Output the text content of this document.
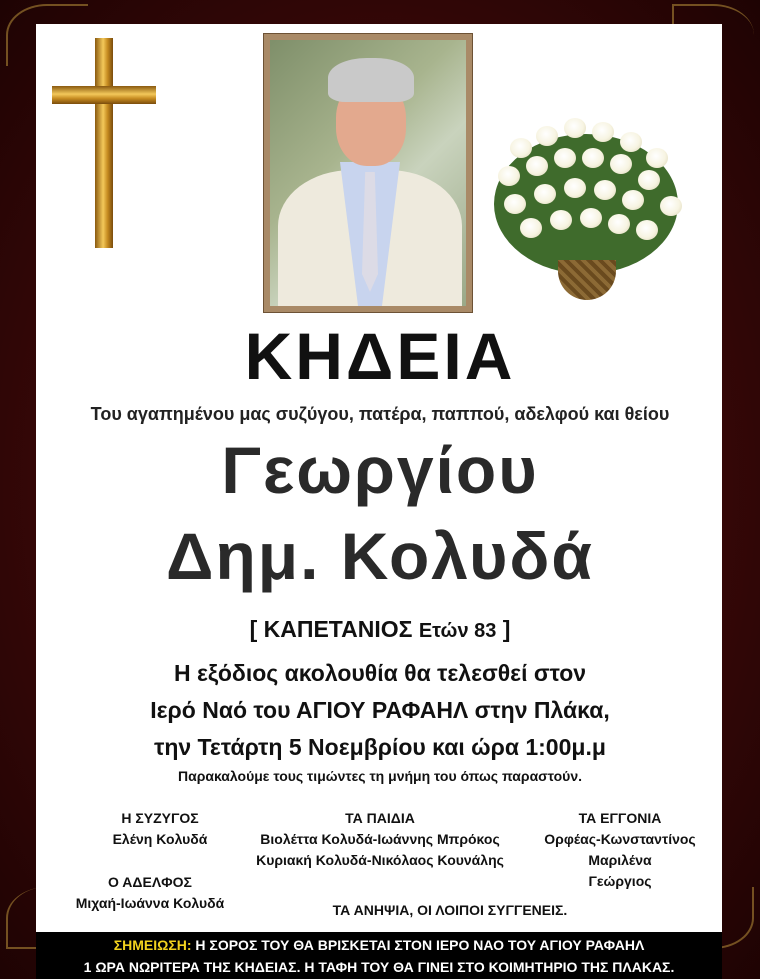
ΚΗΔΕΙΑ
Του αγαπημένου μας συζύγου, πατέρα, παππού, αδελφού και θείου
Γεωργίου
Δημ. Κολυδά
[ ΚΑΠΕΤΑΝΙΟΣ Ετών 83 ]
Η εξόδιος ακολουθία θα τελεσθεί στον
Ιερό Ναό του ΑΓΙΟΥ ΡΑΦΑΗΛ στην Πλάκα,
την Τετάρτη 5 Νοεμβρίου και ώρα 1:00μ.μ
Παρακαλούμε τους τιμώντες τη μνήμη του όπως παραστούν.
Η ΣΥΖΥΓΟΣ
Ελένη Κολυδά
ΤΑ ΠΑΙΔΙΑ
Βιολέττα Κολυδά-Ιωάννης Μπρόκος
Κυριακή Κολυδά-Νικόλαος Κουνάλης
ΤΑ ΕΓΓΟΝΙΑ
Ορφέας-Κωνσταντίνος
Μαριλένα
Γεώργιος
Ο ΑΔΕΛΦΟΣ
Μιχαή-Ιωάννα Κολυδά	ΤΑ ΑΝΗΨΙΑ, ΟΙ ΛΟΙΠΟΙ ΣΥΓΓΕΝΕΙΣ.
ΣΗΜΕΙΩΣΗ: Η ΣΟΡΟΣ ΤΟΥ ΘΑ ΒΡΙΣΚΕΤΑΙ ΣΤΟΝ ΙΕΡΟ ΝΑΟ ΤΟΥ ΑΓΙΟΥ ΡΑΦΑΗΛ
1 ΩΡΑ ΝΩΡΙΤΕΡΑ ΤΗΣ ΚΗΔΕΙΑΣ. Η ΤΑΦΗ ΤΟΥ ΘΑ ΓΙΝΕΙ ΣΤΟ ΚΟΙΜΗΤΗΡΙΟ ΤΗΣ ΠΛΑΚΑΣ.
